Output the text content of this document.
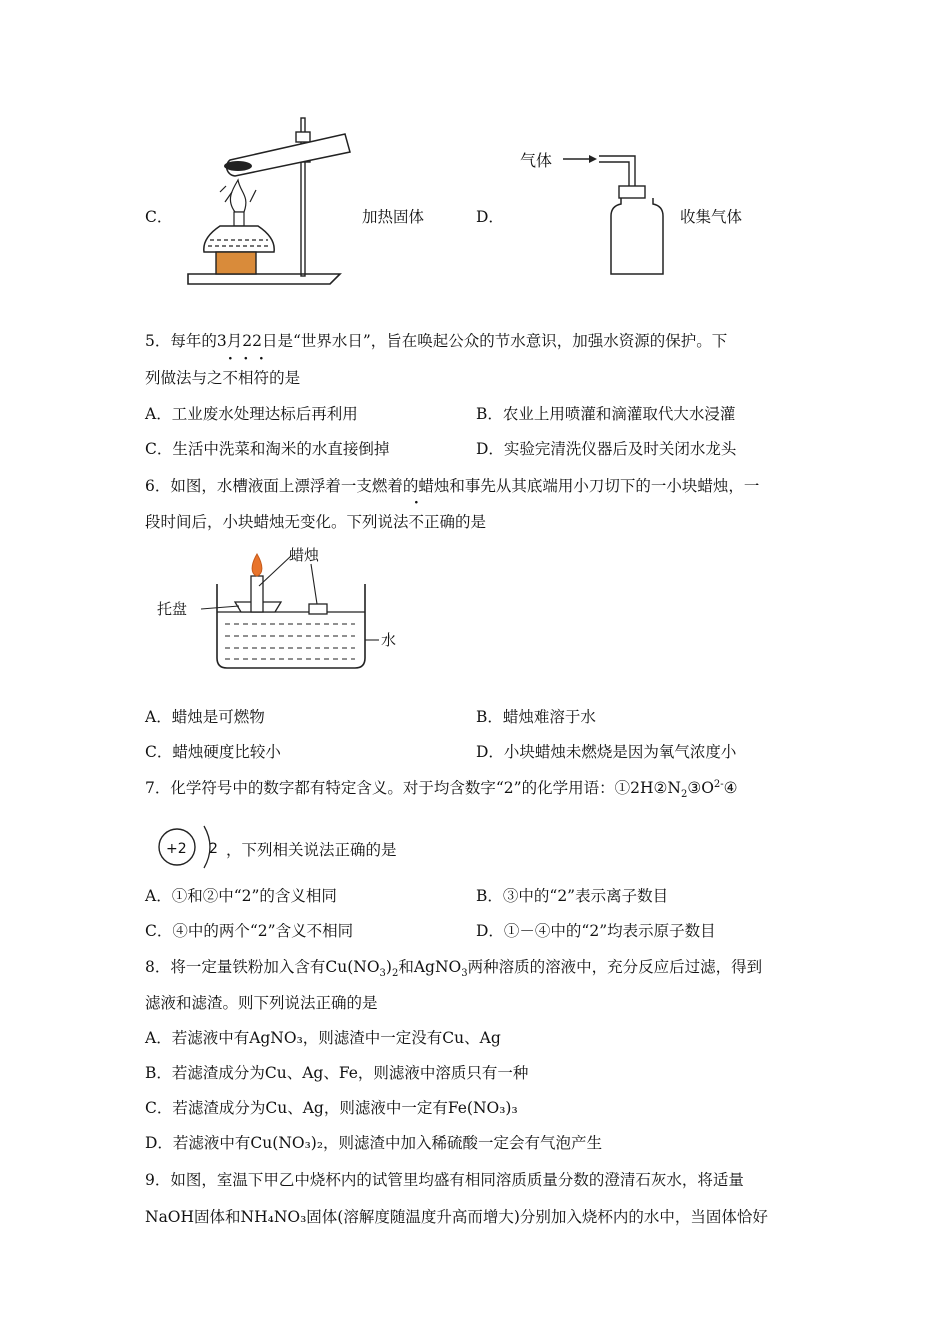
C．	加热固体	D．
气体
收集气体
5．每年的3月22日是“世界水日”，旨在唤起公众的节水意识，加强水资源的保护。下
列做法与之不相符的是
A．工业废水处理达标后再利用	B．农业上用喷灌和滴灌取代大水浸灌
C．生活中洗菜和淘米的水直接倒掉	D．实验完清洗仪器后及时关闭水龙头
6．如图，水槽液面上漂浮着一支燃着的蜡烛和事先从其底端用小刀切下的一小块蜡烛，一
段时间后，小块蜡烛无变化。下列说法不正确的是
蜡烛
托盘
水
A．蜡烛是可燃物	B．蜡烛难溶于水
C．蜡烛硬度比较小	D．小块蜡烛未燃烧是因为氧气浓度小
7．化学符号中的数字都有特定含义。对于均含数字“2”的化学用语：$①2H②N_2③O^{2-}④$
+2 2 ，下列相关说法正确的是
A．①和②中“2”的含义相同	B．③中的“2”表示离子数目
C．④中的两个“2”含义不相同	D．①－④中的“2”均表示原子数目
8．将一定量铁粉加入含有$Cu(NO_3)_2$和AgNO$_3$两种溶质的溶液中，充分反应后过滤，得到
滤液和滤渣。则下列说法正确的是
A．若滤液中有AgNO₃，则滤渣中一定没有Cu、Ag
B．若滤渣成分为Cu、Ag、Fe，则滤液中溶质只有一种
C．若滤渣成分为Cu、Ag，则滤液中一定有Fe(NO₃)₃
D．若滤液中有Cu(NO₃)₂，则滤渣中加入稀硫酸一定会有气泡产生
9．如图，室温下甲乙中烧杯内的试管里均盛有相同溶质质量分数的澄清石灰水，将适量
NaOH固体和NH₄NO₃固体(溶解度随温度升高而增大)分别加入烧杯内的水中，当固体恰好
